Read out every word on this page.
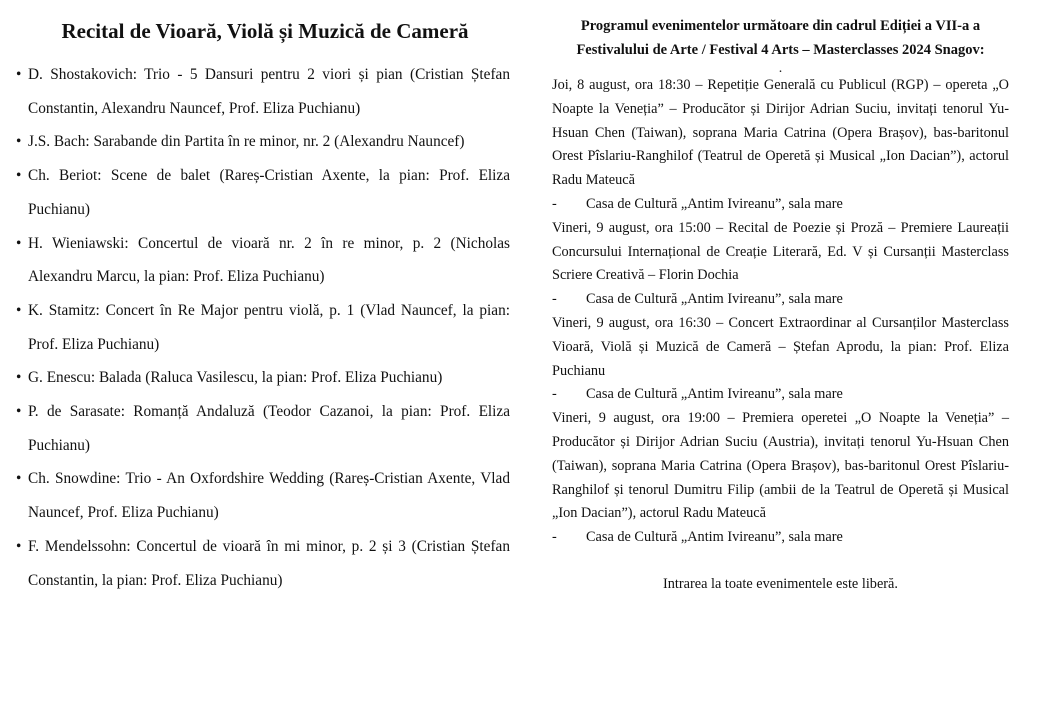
Recital de Vioară, Violă și Muzică de Cameră
• D. Shostakovich: Trio - 5 Dansuri pentru 2 viori și pian (Cristian Ștefan Constantin, Alexandru Nauncef, Prof. Eliza Puchianu)
• J.S. Bach: Sarabande din Partita în re minor, nr. 2 (Alexandru Nauncef)
• Ch. Beriot: Scene de balet (Rareș-Cristian Axente, la pian: Prof. Eliza Puchianu)
• H. Wieniawski: Concertul de vioară nr. 2 în re minor, p. 2 (Nicholas Alexandru Marcu, la pian: Prof. Eliza Puchianu)
• K. Stamitz: Concert în Re Major pentru violă, p. 1 (Vlad Nauncef, la pian: Prof. Eliza Puchianu)
• G. Enescu: Balada (Raluca Vasilescu, la pian: Prof. Eliza Puchianu)
• P. de Sarasate: Romanță Andaluză (Teodor Cazanoi, la pian: Prof. Eliza Puchianu)
• Ch. Snowdine: Trio - An Oxfordshire Wedding (Rareș-Cristian Axente, Vlad Nauncef, Prof. Eliza Puchianu)
• F. Mendelssohn: Concertul de vioară în mi minor, p. 2 și 3 (Cristian Ștefan Constantin, la pian: Prof. Eliza Puchianu)
Programul evenimentelor următoare din cadrul Ediției a VII-a a Festivalului de Arte / Festival 4 Arts – Masterclasses 2024 Snagov:
.

Joi, 8 august, ora 18:30 – Repetiție Generală cu Publicul (RGP) – opereta „O Noapte la Veneția” – Producător și Dirijor Adrian Suciu, invitați tenorul Yu-Hsuan Chen (Taiwan), soprana Maria Catrina (Opera Brașov), bas-baritonul Orest Pîslariu-Ranghilof (Teatrul de Operetă și Musical „Ion Dacian”), actorul Radu Mateucă

-	Casa de Cultură „Antim Ivireanu”, sala mare

Vineri, 9 august, ora 15:00 – Recital de Poezie și Proză – Premiere Laureații Concursului Internațional de Creație Literară, Ed. V și Cursanții Masterclass Scriere Creativă – Florin Dochia

-	Casa de Cultură „Antim Ivireanu”, sala mare

Vineri, 9 august, ora 16:30 – Concert Extraordinar al Cursanților Masterclass Vioară, Violă și Muzică de Cameră – Ștefan Aprodu, la pian: Prof. Eliza Puchianu

-	Casa de Cultură „Antim Ivireanu”, sala mare

Vineri, 9 august, ora 19:00 – Premiera operetei „O Noapte la Veneția” – Producător și Dirijor Adrian Suciu (Austria), invitați tenorul Yu-Hsuan Chen (Taiwan), soprana Maria Catrina (Opera Brașov), bas-baritonul Orest Pîslariu-Ranghilof și tenorul Dumitru Filip (ambii de la Teatrul de Operetă și Musical „Ion Dacian”), actorul Radu Mateucă

-	Casa de Cultură „Antim Ivireanu”, sala mare
Intrarea la toate evenimentele este liberă.
